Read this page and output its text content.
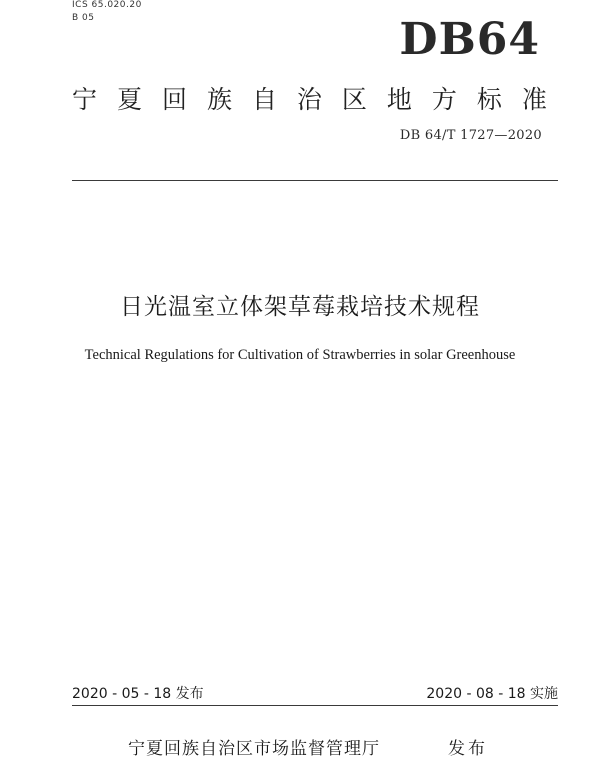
ICS 65.020.20
B 05	DB64
宁 夏 回 族 自 治 区 地 方 标 准
DB 64/T 1727—2020
日光温室立体架草莓栽培技术规程
Technical Regulations for Cultivation of Strawberries in solar Greenhouse
2020 - 05 - 18 发布	2020 - 08 - 18 实施
宁夏回族自治区市场监督管理厅	发布
